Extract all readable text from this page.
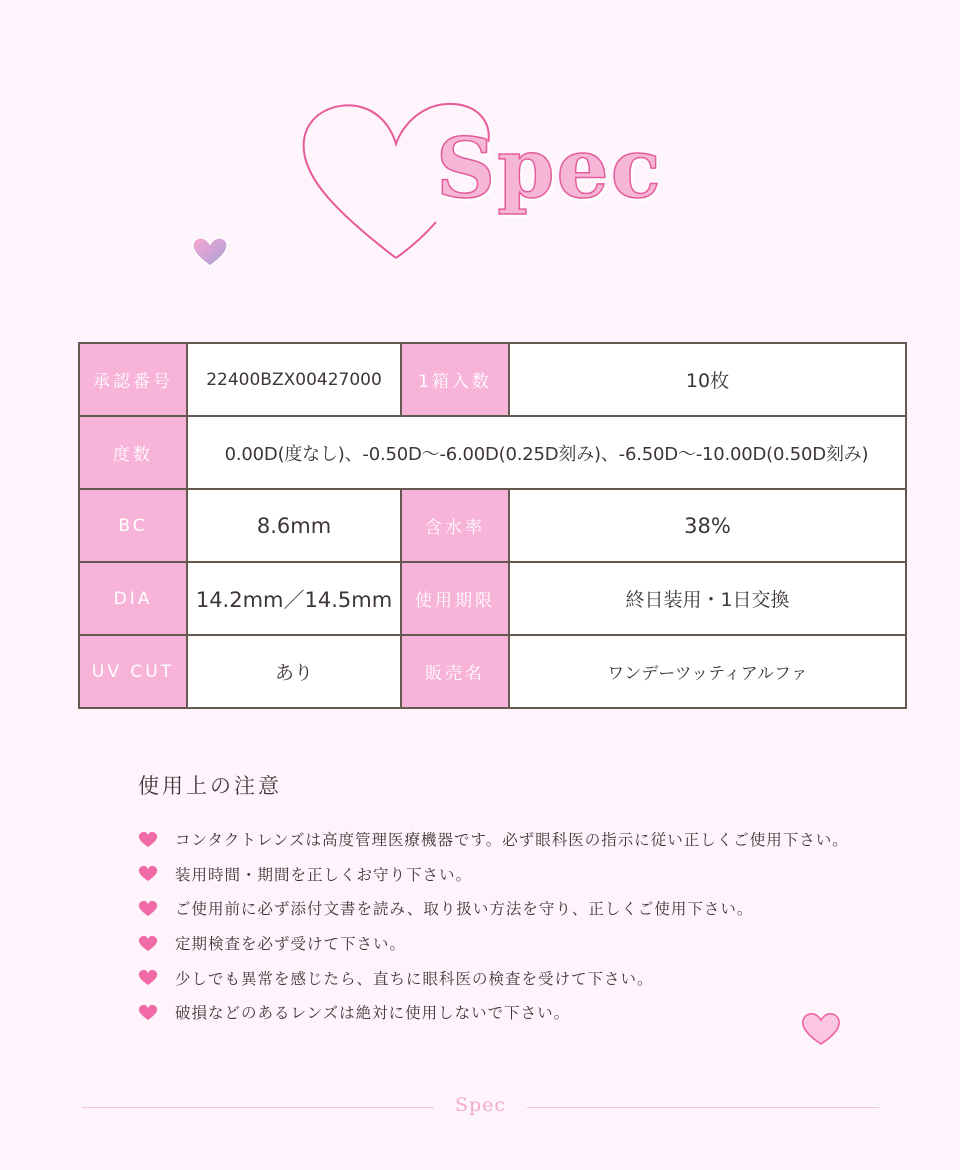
Spec
承認番号	22400BZX00427000	1箱入数	10枚
度数	0.00D(度なし)、-0.50D～-6.00D(0.25D刻み)、-6.50D～-10.00D(0.50D刻み)		
BC	8.6mm	含水率	38%
DIA	14.2mm／14.5mm	使用期限	終日装用・1日交換
UV CUT	あり	販売名	ワンデーツッティアルファ
使用上の注意
コンタクトレンズは高度管理医療機器です。必ず眼科医の指示に従い正しくご使用下さい。
装用時間・期間を正しくお守り下さい。
ご使用前に必ず添付文書を読み、取り扱い方法を守り、正しくご使用下さい。
定期検査を必ず受けて下さい。
少しでも異常を感じたら、直ちに眼科医の検査を受けて下さい。
破損などのあるレンズは絶対に使用しないで下さい。
Spec
